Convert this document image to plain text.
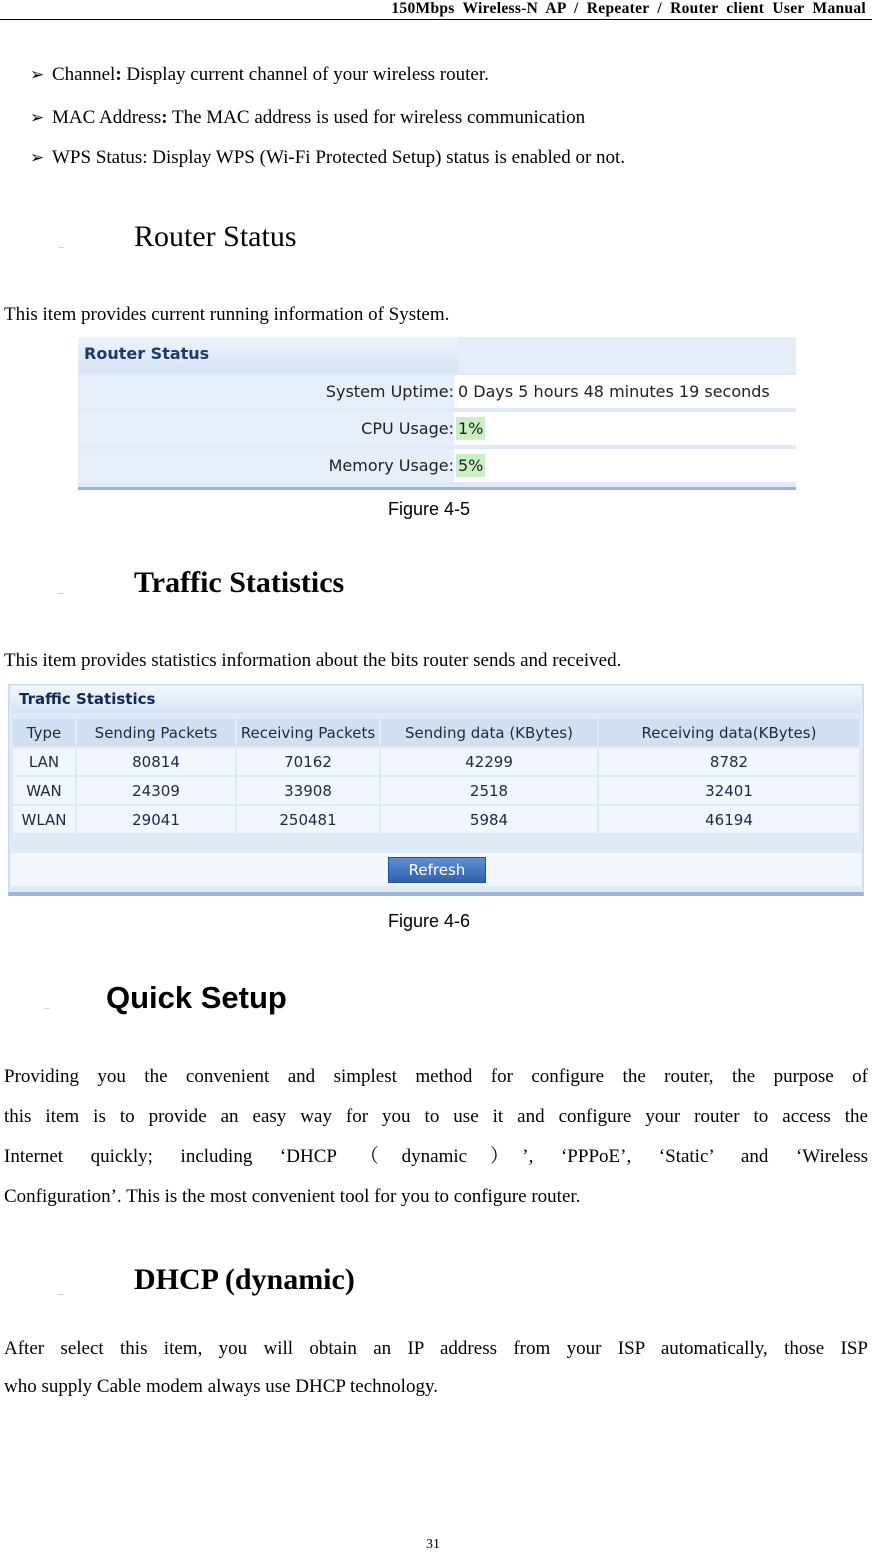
150Mbps Wireless-N AP / Repeater / Router client User Manual
➢ Channel: Display current channel of your wireless router.
➢ MAC Address: The MAC address is used for wireless communication
➢ WPS Status: Display WPS (Wi-Fi Protected Setup) status is enabled or not.
— Router Status
This item provides current running information of System.
Router Status
System Uptime: 0 Days 5 hours 48 minutes 19 seconds
CPU Usage: 1%
Memory Usage: 5%
Figure 4-5
— Traffic Statistics
This item provides statistics information about the bits router sends and received.
Traffic Statistics
Type	Sending Packets	Receiving Packets	Sending data (KBytes)	Receiving data(KBytes)
LAN	80814	70162	42299	8782
WAN	24309	33908	2518	32401
WLAN	29041	250481	5984	46194
Refresh
Figure 4-6
— Quick Setup
Providing you the convenient and simplest method for configure the router, the purpose of
this item is to provide an easy way for you to use it and configure your router to access the
Internet quickly; including ‘DHCP（dynamic）’, ‘PPPoE’, ‘Static’ and ‘Wireless
Configuration’. This is the most convenient tool for you to configure router.
— DHCP (dynamic)
After select this item, you will obtain an IP address from your ISP automatically, those ISP
who supply Cable modem always use DHCP technology.
31
